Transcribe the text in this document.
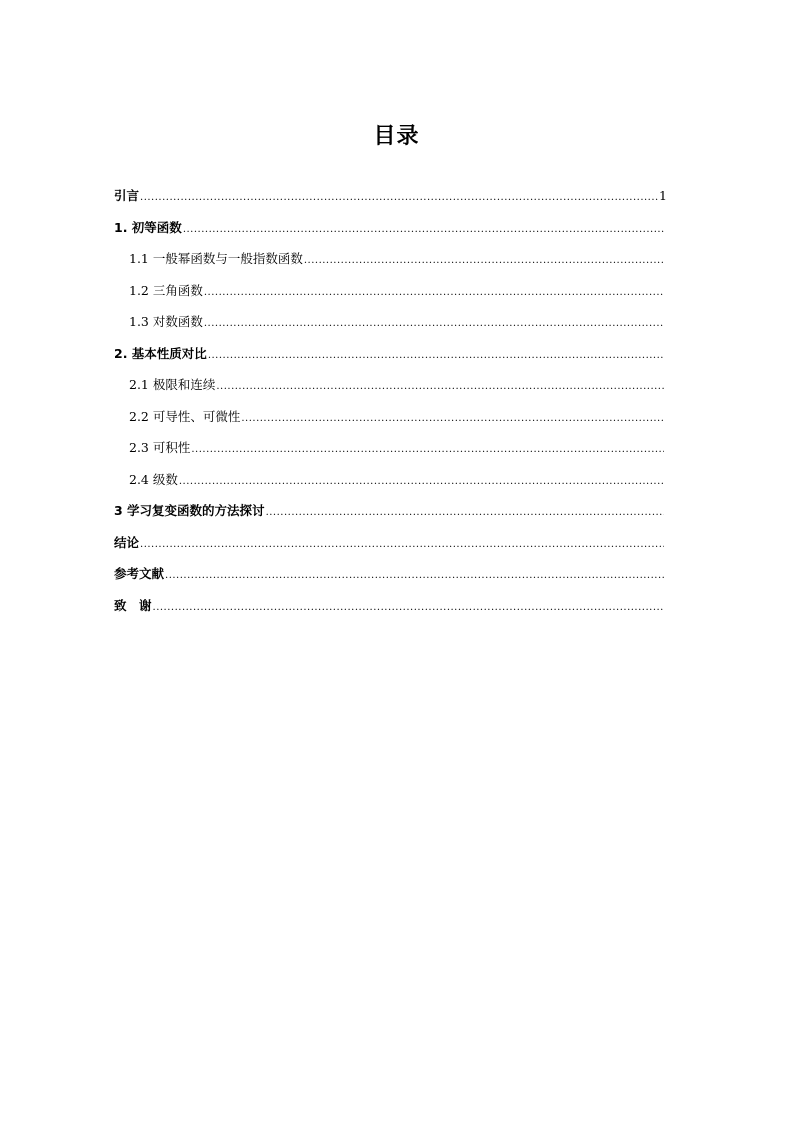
目录
引言
.....	1
1. 初等函数
.....
1.1 一般幂函数与一般指数函数
.....
1.2 三角函数
.....
1.3 对数函数
.....
2. 基本性质对比
.....
2.1 极限和连续
.....
2.2 可导性、可微性
.....
2.3 可积性
.....
2.4 级数
.....
3 学习复变函数的方法探讨
.....
结论
.....
参考文献
.....
致　谢
.....
